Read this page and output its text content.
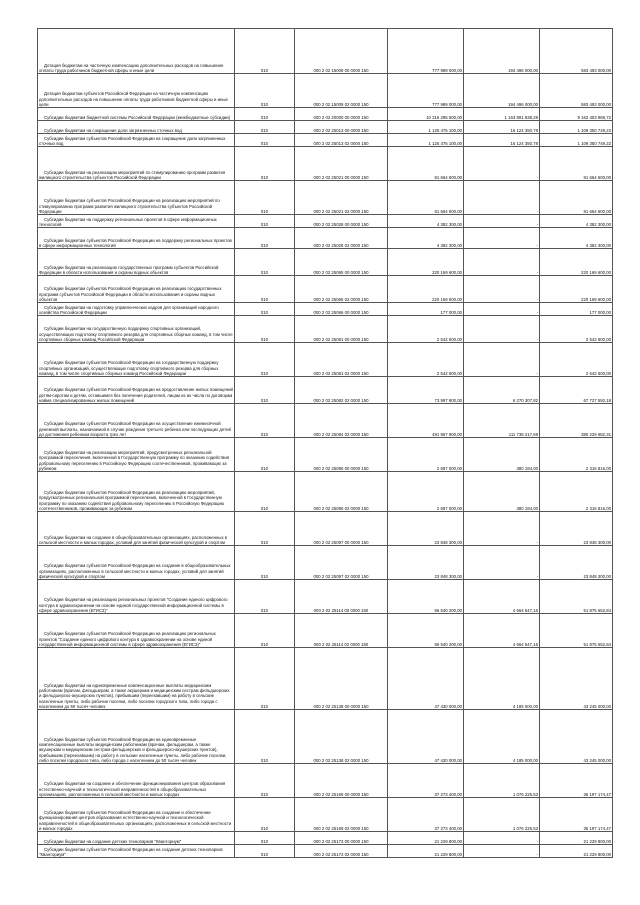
Дотация бюджетам на частичную компенсацию дополнительных расходов на повышение оплаты труда работников бюджетной сферы и иные цели	010	000 2 02 15009 00 0000 150	777 989 000,00	194 496 000,00	583 493 000,00
Дотация бюджетам субъектов Российской Федерации на частичную компенсацию дополнительных расходов на повышение оплаты труда работников бюджетной сферы и иные цели	010	000 2 02 15009 02 0000 150	777 989 000,00	194 496 000,00	583 493 000,00
Субсидии бюджетам бюджетной системы Российской Федерации (межбюджетные субсидии)	010	000 2 02 20000 00 0000 150	10 316 295 500,00	1 153 891 838,28	9 162 403 969,72
Субсидии бюджетам на сокращение доли загрязненных сточных вод	010	000 2 02 25013 00 0000 150	1 125 475 100,00	16 124 350,78	1 109 350 749,22
Субсидии бюджетам субъектов Российской Федерации на сокращение доли загрязненных сточных вод	010	000 2 02 25013 02 0000 150	1 125 475 100,00	16 124 350,78	1 109 350 749,22
Субсидии бюджетам на реализацию мероприятий по стимулированию программ развития жилищного строительства субъектов Российской Федерации	010	000 2 02 25021 00 0000 150	81 664 600,00	-	81 664 600,00
Субсидии бюджетам субъектов Российской Федерации на реализацию мероприятий по стимулированию программ развития жилищного строительства субъектов Российской Федерации	010	000 2 02 25021 02 0000 150	81 664 600,00	-	81 664 600,00
Субсидии бюджетам на поддержку региональных проектов в сфере информационных технологий	010	000 2 02 25028 00 0000 150	4 382 300,00	-	4 382 300,00
Субсидии бюджетам субъектов Российской Федерации на поддержку региональных проектов в сфере информационных технологий	010	000 2 02 25028 02 0000 150	4 382 300,00	-	4 382 300,00
Субсидии бюджетам на реализацию государственных программ субъектов Российской Федерации в области использования и охраны водных объектов	010	000 2 02 25065 00 0000 150	220 169 600,00	-	220 169 600,00
Субсидии бюджетам субъектов Российской Федерации на реализацию государственных программ субъектов Российской Федерации в области использования и охраны водных объектов	010	000 2 02 25065 02 0000 150	220 169 600,00	-	220 169 600,00
Субсидии бюджетам на подготовку управленческих кадров для организаций народного хозяйства Российской Федерации	010	000 2 02 25066 00 0000 150	177 000,00	-	177 000,00
Субсидии бюджетам на государственную поддержку спортивных организаций, осуществляющих подготовку спортивного резерва для спортивных сборных команд, в том числе спортивных сборных команд Российской Федерации	010	000 2 02 25081 00 0000 150	2 542 600,00	-	2 542 600,00
Субсидии бюджетам субъектов Российской Федерации на государственную поддержку спортивных организаций, осуществляющих подготовку спортивного резерва для сборных команд, в том числе спортивных сборных команд Российской Федерации	010	000 2 02 25081 02 0000 150	2 542 600,00	-	2 542 600,00
Субсидии бюджетам субъектов Российской Федерации на предоставление жилых помещений детям-сиротам и детям, оставшимся без попечения родителей, лицам из их числа по договорам найма специализированных жилых помещений	010	000 2 02 25082 02 0000 150	73 997 900,00	6 270 307,82	67 727 592,18
Субсидии бюджетам субъектов Российской Федерации на осуществление ежемесячной денежной выплаты, назначаемой в случае рождения третьего ребенка или последующих детей до достижения ребенком возраста трех лет	010	000 2 02 25084 02 0000 150	491 967 900,00	111 738 217,69	380 229 682,31
Субсидии бюджетам на реализацию мероприятий, предусмотренных региональной программой переселения, включенной в Государственную программу по оказанию содействия добровольному переселению в Российскую Федерацию соотечественников, проживающих за рубежом	010	000 2 02 25086 00 0000 150	2 697 000,00	380 184,00	2 316 816,00
Субсидии бюджетам субъектов Российской Федерации на реализацию мероприятий, предусмотренных региональной программой переселения, включенной в Государственную программу по оказанию содействия добровольному переселению в Российскую Федерацию соотечественников, проживающих за рубежом	010	000 2 02 25086 02 0000 150	2 697 000,00	380 184,00	2 316 816,00
Субсидии бюджетам на создание в общеобразовательных организациях, расположенных в сельской местности и малых городах, условий для занятий физической культурой и спортом	010	000 2 02 25097 00 0000 150	23 848 300,00	-	23 848 300,00
Субсидии бюджетам субъектов Российской Федерации на создание в общеобразовательных организациях, расположенных в сельской местности и малых городах, условий для занятий физической культурой и спортом	010	000 2 02 25097 02 0000 150	23 848 300,00	-	23 848 300,00
Субсидии бюджетам на реализацию региональных проектов "Создание единого цифрового контура в здравоохранении на основе единой государственной информационной системы в сфере здравоохранения (ЕГИСЗ)"	010	000 2 02 25114 00 0000 150	56 540 200,00	4 664 547,16	51 875 652,84
Субсидии бюджетам субъектов Российской Федерации на реализацию региональных проектов "Создание единого цифрового контура в здравоохранении на основе единой государственной информационной системы в сфере здравоохранения (ЕГИСЗ)"	010	000 2 02 25114 02 0000 150	56 540 200,00	4 664 547,16	51 875 652,84
Субсидии бюджетам на единовременные компенсационные выплаты медицинским работникам (врачам, фельдшерам, а также акушеркам и медицинским сестрам фельдшерских и фельдшерско-акушерских пунктов), прибывшим (переехавшим) на работу в сельские населенные пункты, либо рабочие поселки, либо поселки городского типа, либо города с населением до 50 тысяч человек	010	000 2 02 25138 00 0000 150	47 430 000,00	4 185 000,00	43 245 000,00
Субсидии бюджетам субъектов Российской Федерации на единовременные компенсационные выплаты медицинским работникам (врачам, фельдшерам, а также акушеркам и медицинским сестрам фельдшерских и фельдшерско-акушерских пунктов), прибывшим (переехавшим) на работу в сельские населенные пункты, либо рабочие поселки, либо поселки городского типа, либо города с населением до 50 тысяч человек	010	000 2 02 25138 02 0000 150	47 430 000,00	4 185 000,00	43 245 000,00
Субсидии бюджетам на создание и обеспечение функционирования центров образования естественно-научной и технологической направленностей в общеобразовательных организациях, расположенных в сельской местности и малых городах	010	000 2 02 25169 00 0000 150	37 273 400,00	1 076 225,53	36 197 174,47
Субсидии бюджетам субъектов Российской Федерации на создание и обеспечение функционирования центров образования естественно-научной и технологической направленностей в общеобразовательных организациях, расположенных в сельской местности и малых городах	010	000 2 02 25169 02 0000 150	37 273 400,00	1 076 225,53	36 197 174,47
Субсидии бюджетам на создание детских технопарков "Кванториум"	010	000 2 02 25173 00 0000 150	21 229 800,00	-	21 229 800,00
Субсидии бюджетам субъектов Российской Федерации на создание детских технопарков "Кванториум"	010	000 2 02 25173 02 0000 150	21 229 800,00	-	21 229 800,00
